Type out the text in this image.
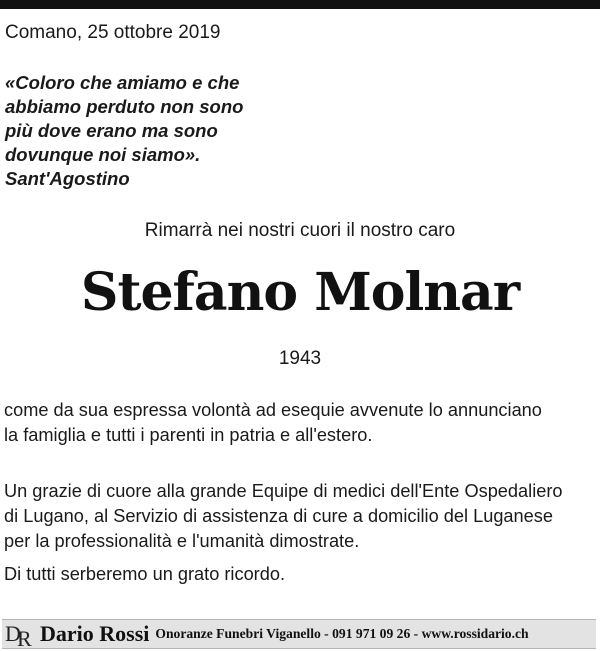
Comano, 25 ottobre 2019
«Coloro che amiamo e che
abbiamo perduto non sono
più dove erano ma sono
dovunque noi siamo».
Sant'Agostino
Rimarrà nei nostri cuori il nostro caro
Stefano Molnar
1943
come da sua espressa volontà ad esequie avvenute lo annunciano
la famiglia e tutti i parenti in patria e all'estero.
Un grazie di cuore alla grande Equipe di medici dell'Ente Ospedaliero
di Lugano, al Servizio di assistenza di cure a domicilio del Luganese
per la professionalità e l'umanità dimostrate.
Di tutti serberemo un grato ricordo.
D
R Dario Rossi Onoranze Funebri Viganello - 091 971 09 26 - www.rossidario.ch
